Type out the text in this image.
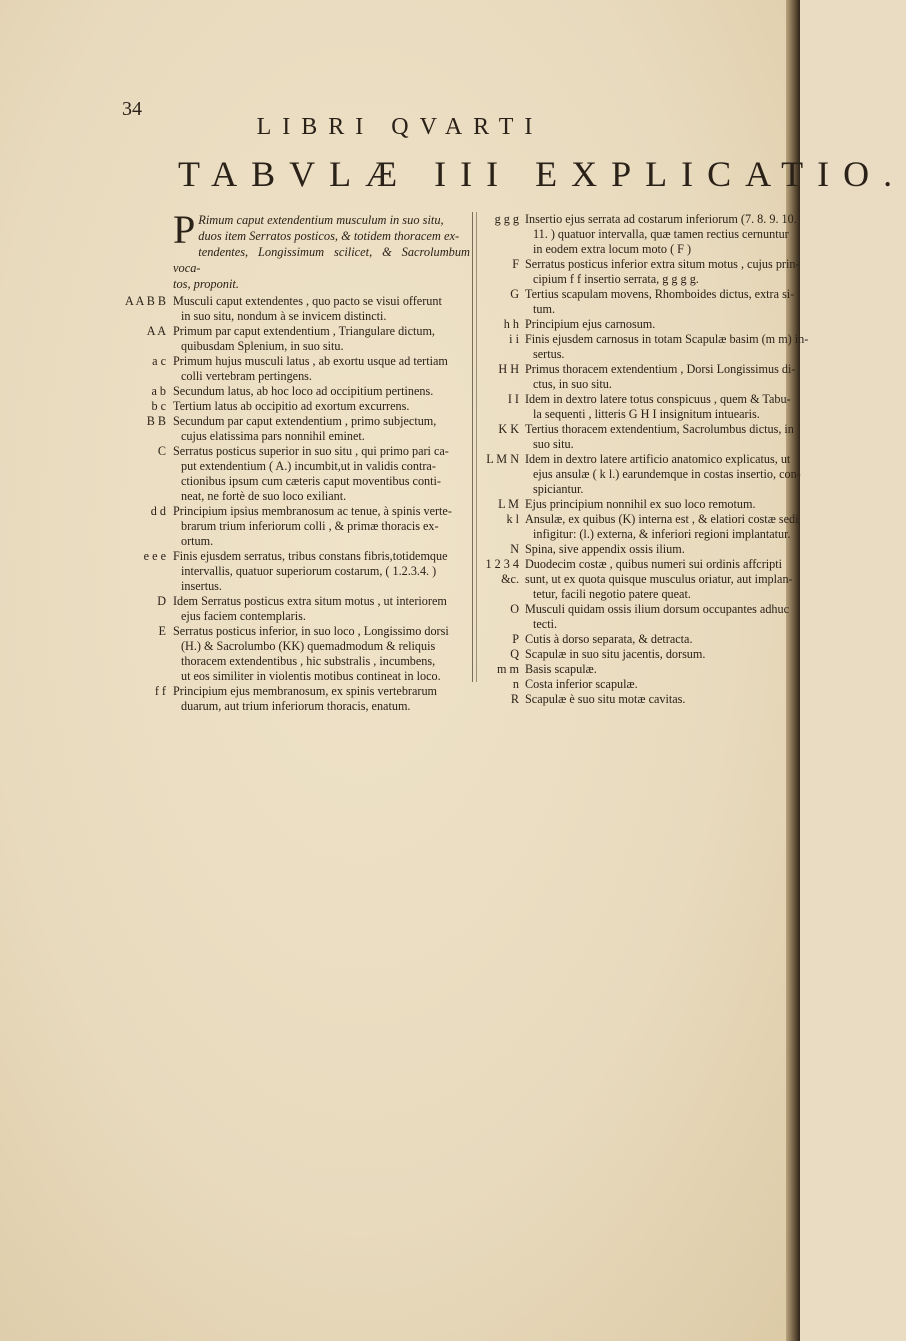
34
LIBRI QVARTI
TABVLÆ III EXPLICATIO.
P Rimum caput extendentium musculum in suo situ,
duos item Serratos posticos, & totidem thoracem ex-
tendentes, Longissimum scilicet, & Sacrolumbum voca-
tos, proponit.
A A B B Musculi caput extendentes , quo pacto se visui offerunt
in suo situ, nondum à se invicem distincti.
A A Primum par caput extendentium , Triangulare dictum,
quibusdam Splenium, in suo situ.
a c Primum hujus musculi latus , ab exortu usque ad tertiam
colli vertebram pertingens.
a b Secundum latus, ab hoc loco ad occipitium pertinens.
b c Tertium latus ab occipitio ad exortum excurrens.
B B Secundum par caput extendentium , primo subjectum,
cujus elatissima pars nonnihil eminet.
C Serratus posticus superior in suo situ , qui primo pari ca-
put extendentium ( A.) incumbit,ut in validis contra-
ctionibus ipsum cum cæteris caput moventibus conti-
neat, ne fortè de suo loco exiliant.
d d Principium ipsius membranosum ac tenue, à spinis verte-
brarum trium inferiorum colli , & primæ thoracis ex-
ortum.
e e e Finis ejusdem serratus, tribus constans fibris,totidemque
intervallis, quatuor superiorum costarum, ( 1.2.3.4. )
insertus.
D Idem Serratus posticus extra situm motus , ut interiorem
ejus faciem contemplaris.
E Serratus posticus inferior, in suo loco , Longissimo dorsi
(H.) & Sacrolumbo (KK) quemadmodum & reliquis
thoracem extendentibus , hic substralis , incumbens,
ut eos similiter in violentis motibus contineat in loco.
f f Principium ejus membranosum, ex spinis vertebrarum
duarum, aut trium inferiorum thoracis, enatum.
g g g Insertio ejus serrata ad costarum inferiorum (7. 8. 9. 10.
11. ) quatuor intervalla, quæ tamen rectius cernuntur
in eodem extra locum moto ( F )
F Serratus posticus inferior extra situm motus , cujus prin-
cipium f f insertio serrata, g g g g.
G Tertius scapulam movens, Rhomboides dictus, extra si-
tum.
h h Principium ejus carnosum.
i i Finis ejusdem carnosus in totam Scapulæ basim (m m) in-
sertus.
H H Primus thoracem extendentium , Dorsi Longissimus di-
ctus, in suo situ.
I I Idem in dextro latere totus conspicuus , quem & Tabu-
la sequenti , litteris G H I insignitum intuearis.
K K Tertius thoracem extendentium, Sacrolumbus dictus, in
suo situ.
L M N Idem in dextro latere artificio anatomico explicatus, ut
ejus ansulæ ( k l.) earundemque in costas insertio, con-
spiciantur.
L M Ejus principium nonnihil ex suo loco remotum.
k l Ansulæ, ex quibus (K) interna est , & elatiori costæ sedi
infigitur: (l.) externa, & inferiori regioni implantatur.
N Spina, sive appendix ossis ilium.
1 2 3 4 Duodecim costæ , quibus numeri sui ordinis affcripti
&c. sunt, ut ex quota quisque musculus oriatur, aut implan-
tetur, facili negotio patere queat.
O Musculi quidam ossis ilium dorsum occupantes adhuc
tecti.
P Cutis à dorso separata, & detracta.
Q Scapulæ in suo situ jacentis, dorsum.
m m Basis scapulæ.
n Costa inferior scapulæ.
R Scapulæ è suo situ motæ cavitas.
